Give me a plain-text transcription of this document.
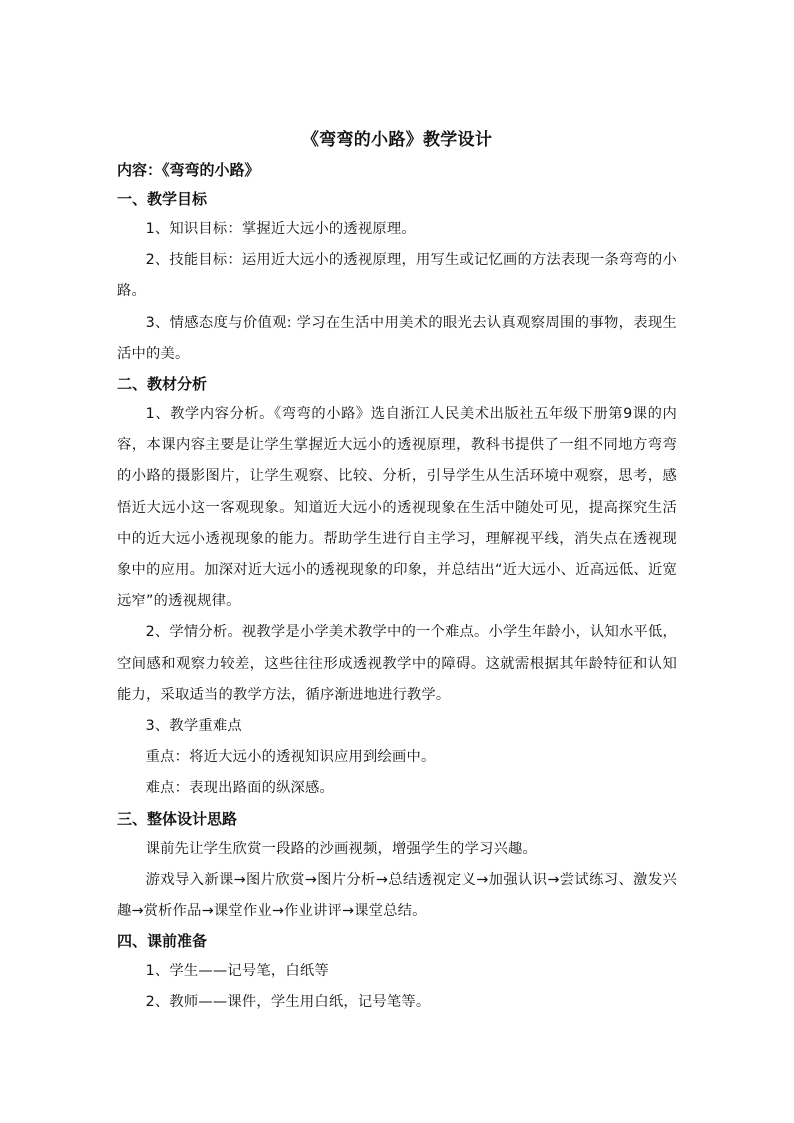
《弯弯的小路》教学设计
内容：《弯弯的小路》
一、教学目标

1、知识目标：掌握近大远小的透视原理。

2、技能目标：运用近大远小的透视原理，用写生或记忆画的方法表现一条弯弯的小路。

3、情感态度与价值观: 学习在生活中用美术的眼光去认真观察周围的事物，表现生活中的美。

二、教材分析

1、教学内容分析。《弯弯的小路》选自浙江人民美术出版社五年级下册第9课的内容，本课内容主要是让学生掌握近大远小的透视原理，教科书提供了一组不同地方弯弯的小路的摄影图片，让学生观察、比较、分析，引导学生从生活环境中观察，思考，感悟近大远小这一客观现象。知道近大远小的透视现象在生活中随处可见，提高探究生活中的近大远小透视现象的能力。帮助学生进行自主学习，理解视平线，消失点在透视现象中的应用。加深对近大远小的透视现象的印象，并总结出“近大远小、近高远低、近宽远窄”的透视规律。

2、学情分析。视教学是小学美术教学中的一个难点。小学生年龄小，认知水平低，空间感和观察力较差，这些往往形成透视教学中的障碍。这就需根据其年龄特征和认知能力，采取适当的教学方法，循序渐进地进行教学。

3、教学重难点

重点：将近大远小的透视知识应用到绘画中。

难点：表现出路面的纵深感。

三、整体设计思路

课前先让学生欣赏一段路的沙画视频，增强学生的学习兴趣。

游戏导入新课→图片欣赏→图片分析→总结透视定义→加强认识→尝试练习、激发兴趣→赏析作品→课堂作业→作业讲评→课堂总结。

四、课前准备

1、学生——记号笔，白纸等

2、教师——课件，学生用白纸，记号笔等。
